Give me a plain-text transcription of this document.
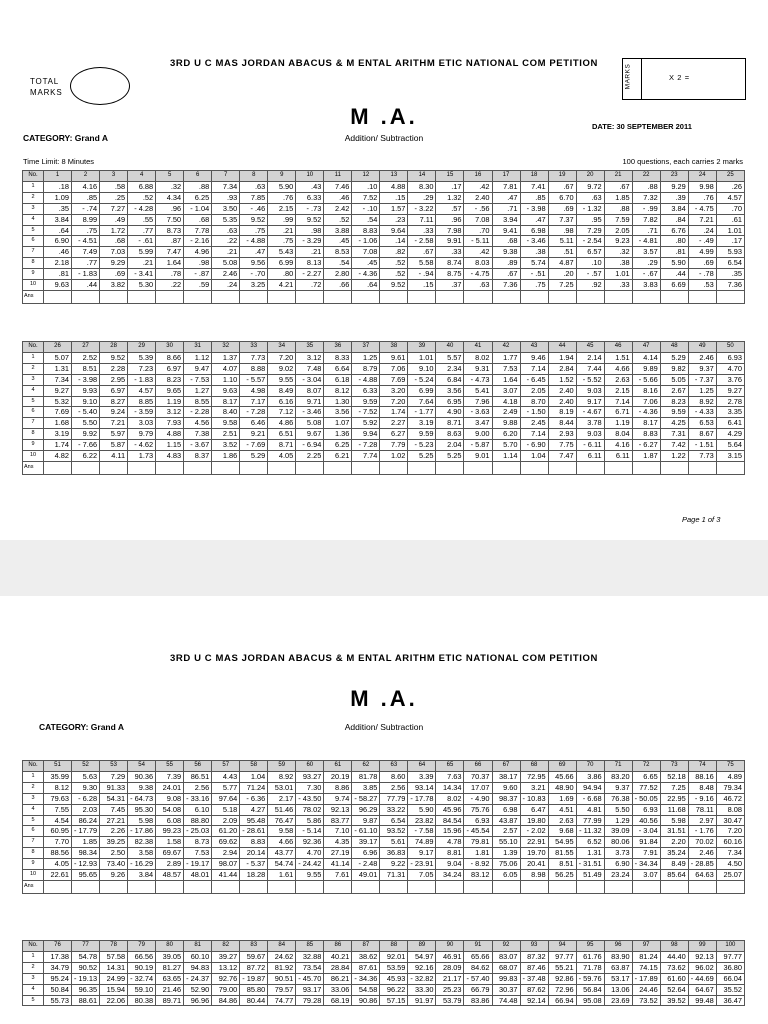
3RD U C MAS JORDAN ABACUS & M ENTAL ARITHM ETIC NATIONAL COM PETITION
TOTAL
MARKS
MARKS	X 2 =
M .A.
Addition/ Subtraction
CATEGORY: Grand A
DATE: 30 SEPTEMBER 2011
Time Limit: 8 Minutes	100 questions, each carries 2 marks
No.	1	2	3	4	5	6	7	8	9	10	11	12	13	14	15	16	17	18	19	20	21	22	23	24	25
1	.18	4.16	.58	6.88	.32	.88	7.34	.63	5.90	.43	7.46	.10	4.88	8.30	.17	.42	7.81	7.41	.67	9.72	.67	.88	9.29	9.98	.26
2	1.09	.85	.25	.52	4.34	6.25	.93	7.85	.76	6.33	.46	7.52	.15	.29	1.32	2.40	.47	.85	6.70	.63	1.85	7.32	.39	.76	4.57
3	.35	- .74	7.27	- 4.28	.96	- 1.04	3.50	- .46	2.15	- .73	2.42	- .10	1.57	- 3.22	.57	- .56	.71	- 3.98	.69	- 1.32	.88	- .99	3.84	- 4.75	.70
4	3.84	8.99	.49	.55	7.50	.68	5.35	9.52	.99	9.52	.52	.54	.23	7.11	.96	7.08	3.94	.47	7.37	.95	7.59	7.82	.84	7.21	.61
5	.64	.75	1.72	.77	8.73	7.78	.63	.75	.21	.98	3.88	8.83	9.64	.33	7.98	.70	9.41	6.98	.98	7.29	2.05	.71	6.76	.24	1.01
6	6.90	- 4.51	.68	- .61	.87	- 2.16	.22	- 4.88	.75	- 3.29	.45	- 1.06	.14	- 2.58	9.91	- 5.11	.68	- 3.46	5.11	- 2.54	9.23	- 4.81	.80	- .49	.17
7	.46	7.49	7.03	5.99	7.47	4.96	.21	.47	5.43	.21	8.53	7.08	.82	.67	.33	.42	9.38	.38	.51	6.57	.32	3.57	.81	4.99	5.93
8	2.18	.77	9.29	.21	1.64	.98	5.08	9.56	6.99	8.13	.54	.45	.52	5.58	8.74	8.03	.89	5.74	4.87	.10	.38	.29	5.90	.69	6.54
9	.81	- 1.83	.69	- 3.41	.78	- .87	2.46	- .70	.80	- 2.27	2.80	- 4.36	.52	- .94	8.75	- 4.75	.67	- .51	.20	- .57	1.01	- .67	.44	- .78	.35
10	9.63	.44	3.82	5.30	.22	.59	.24	3.25	4.21	.72	.66	.64	9.52	.15	.37	.63	7.36	.75	7.25	.92	.33	3.83	6.69	.53	7.36
Ans																									
No.	26	27	28	29	30	31	32	33	34	35	36	37	38	39	40	41	42	43	44	45	46	47	48	49	50
1	5.07	2.52	9.52	5.39	8.66	1.12	1.37	7.73	7.20	3.12	8.33	1.25	9.61	1.01	5.57	8.02	1.77	9.46	1.94	2.14	1.51	4.14	5.29	2.46	6.93
2	1.31	8.51	2.28	7.23	6.97	9.47	4.07	8.88	9.02	7.48	6.64	8.79	7.06	9.10	2.34	9.31	7.53	7.14	2.84	7.44	4.66	9.89	9.82	9.37	4.70
3	7.34	- 3.98	2.95	- 1.83	8.23	- 7.53	1.10	- 5.57	9.55	- 3.04	6.18	- 4.88	7.69	- 5.24	6.84	- 4.73	1.64	- 6.45	1.52	- 5.52	2.63	- 5.66	5.05	- 7.37	3.76
4	9.27	9.93	6.97	4.57	9.65	1.27	9.63	4.98	8.49	8.07	8.12	6.33	3.20	6.99	3.56	5.41	3.07	2.05	2.40	9.03	2.15	8.16	2.67	1.25	9.27
5	5.32	9.10	8.27	8.85	1.19	8.55	8.17	7.17	6.16	9.71	1.30	9.59	7.20	7.64	6.95	7.96	4.18	8.70	2.40	9.17	7.14	7.06	8.23	8.92	2.78
6	7.69	- 5.40	9.24	- 3.59	3.12	- 2.28	8.40	- 7.28	7.12	- 3.46	3.56	- 7.52	1.74	- 1.77	4.90	- 3.63	2.49	- 1.50	8.19	- 4.67	6.71	- 4.36	9.59	- 4.33	3.35
7	1.68	5.50	7.21	3.03	7.93	4.56	9.58	6.46	4.86	5.08	1.07	5.92	2.27	3.19	8.71	3.47	9.88	2.45	8.44	3.78	1.19	8.17	4.25	6.53	6.41
8	3.19	9.92	5.97	9.79	4.88	7.38	2.51	9.21	6.51	9.67	1.36	9.94	6.27	9.59	8.63	9.00	6.20	7.14	2.93	9.03	8.04	8.83	7.31	8.67	4.29
9	1.74	- 7.66	5.87	- 4.62	1.15	- 3.67	3.52	- 7.69	8.71	- 6.94	6.25	- 7.28	7.79	- 5.23	2.04	- 5.87	5.70	- 6.90	7.75	- 6.11	4.16	- 6.27	7.42	- 1.51	5.64
10	4.82	6.22	4.11	1.73	4.83	8.37	1.86	5.29	4.05	2.25	6.21	7.74	1.02	5.25	5.25	9.01	1.14	1.04	7.47	6.11	6.11	1.87	1.22	7.73	3.15
Ans																									
Page 1 of 3
3RD U C MAS JORDAN ABACUS & M ENTAL ARITHM ETIC NATIONAL COM PETITION
M .A.
Addition/ Subtraction
CATEGORY: Grand A
No.	51	52	53	54	55	56	57	58	59	60	61	62	63	64	65	66	67	68	69	70	71	72	73	74	75
1	35.99	5.63	7.29	90.36	7.39	86.51	4.43	1.04	8.92	93.27	20.19	81.78	8.60	3.39	7.63	70.37	38.17	72.95	45.66	3.86	83.20	6.65	52.18	88.16	4.89
2	8.12	9.30	91.33	9.38	24.01	2.56	5.77	71.24	53.01	7.30	8.86	3.85	2.56	93.14	14.34	17.07	9.60	3.21	48.90	94.94	9.37	77.52	7.25	8.48	79.34
3	79.63	- 6.28	54.31	- 64.73	9.08	- 33.16	97.64	- 6.36	2.17	- 43.50	9.74	- 58.27	77.79	- 17.78	8.02	- 4.90	98.37	- 10.83	1.69	- 6.68	76.38	- 50.05	22.95	- 9.16	46.72
4	7.55	2.03	7.45	95.30	54.08	6.10	5.18	4.27	51.46	78.02	92.13	96.29	33.22	5.90	45.96	75.76	6.98	6.47	4.51	4.81	5.50	6.93	11.68	78.11	8.08
5	4.54	86.24	27.21	5.98	6.08	88.80	2.09	95.48	76.47	5.86	83.77	9.87	6.54	23.82	84.54	6.93	43.87	19.80	2.63	77.99	1.29	40.56	5.98	2.97	30.47
6	60.95	- 17.79	2.26	- 17.86	99.23	- 25.03	61.20	- 28.61	9.58	- 5.14	7.10	- 61.10	93.52	- 7.58	15.96	- 45.54	2.57	- 2.02	9.68	- 11.32	39.09	- 3.04	31.51	- 1.76	7.20
7	7.70	1.85	39.25	82.38	1.58	8.73	69.62	8.83	4.66	92.36	4.35	39.17	5.61	74.89	4.78	79.81	55.10	22.91	54.95	6.52	80.06	91.84	2.20	70.02	60.16
8	88.56	98.34	2.50	3.58	69.67	7.53	2.94	20.14	43.77	4.70	27.19	6.96	36.83	9.17	8.81	1.81	1.39	19.70	81.55	1.31	3.73	7.91	35.24	2.46	7.34
9	4.05	- 12.93	73.40	- 16.29	2.89	- 19.17	98.07	- 5.37	54.74	- 24.42	41.14	- 2.48	9.22	- 23.91	9.04	- 8.92	75.06	20.41	8.51	- 31.51	6.90	- 34.34	8.49	- 28.85	4.50
10	22.61	95.65	9.26	3.84	48.57	48.01	41.44	18.28	1.61	9.55	7.61	49.01	71.31	7.05	34.24	83.12	6.05	8.98	56.25	51.49	23.24	3.07	85.64	64.63	25.07
Ans																									
No.	76	77	78	79	80	81	82	83	84	85	86	87	88	89	90	91	92	93	94	95	96	97	98	99	100
1	17.38	54.78	57.58	66.56	39.05	60.10	39.27	59.67	24.62	32.88	40.21	38.62	92.01	54.97	46.91	65.66	83.07	87.32	97.77	61.76	83.90	81.24	44.40	92.13	97.77
2	34.79	90.52	14.31	90.19	81.27	94.83	13.12	87.72	81.92	73.54	28.84	87.61	53.59	92.16	28.09	84.62	68.07	87.46	55.21	71.78	63.87	74.15	73.62	96.02	36.80
3	95.24	- 19.13	24.99	- 32.74	63.65	- 24.37	92.76	- 19.87	90.51	- 45.70	86.21	- 34.36	45.93	- 32.82	21.17	- 57.40	99.83	- 37.48	92.86	- 59.76	53.17	- 17.89	61.60	- 44.69	66.04
4	50.84	96.35	15.94	59.10	21.46	52.90	79.00	85.80	79.57	93.17	33.06	54.58	96.22	33.30	25.23	66.79	30.37	87.62	72.96	56.84	13.06	24.46	52.64	64.67	35.52
5	55.73	88.61	22.06	80.38	89.71	96.96	84.86	80.44	74.77	79.28	68.19	90.86	57.15	91.97	53.79	83.86	74.48	92.14	66.94	95.08	23.69	73.52	39.52	99.48	36.47
